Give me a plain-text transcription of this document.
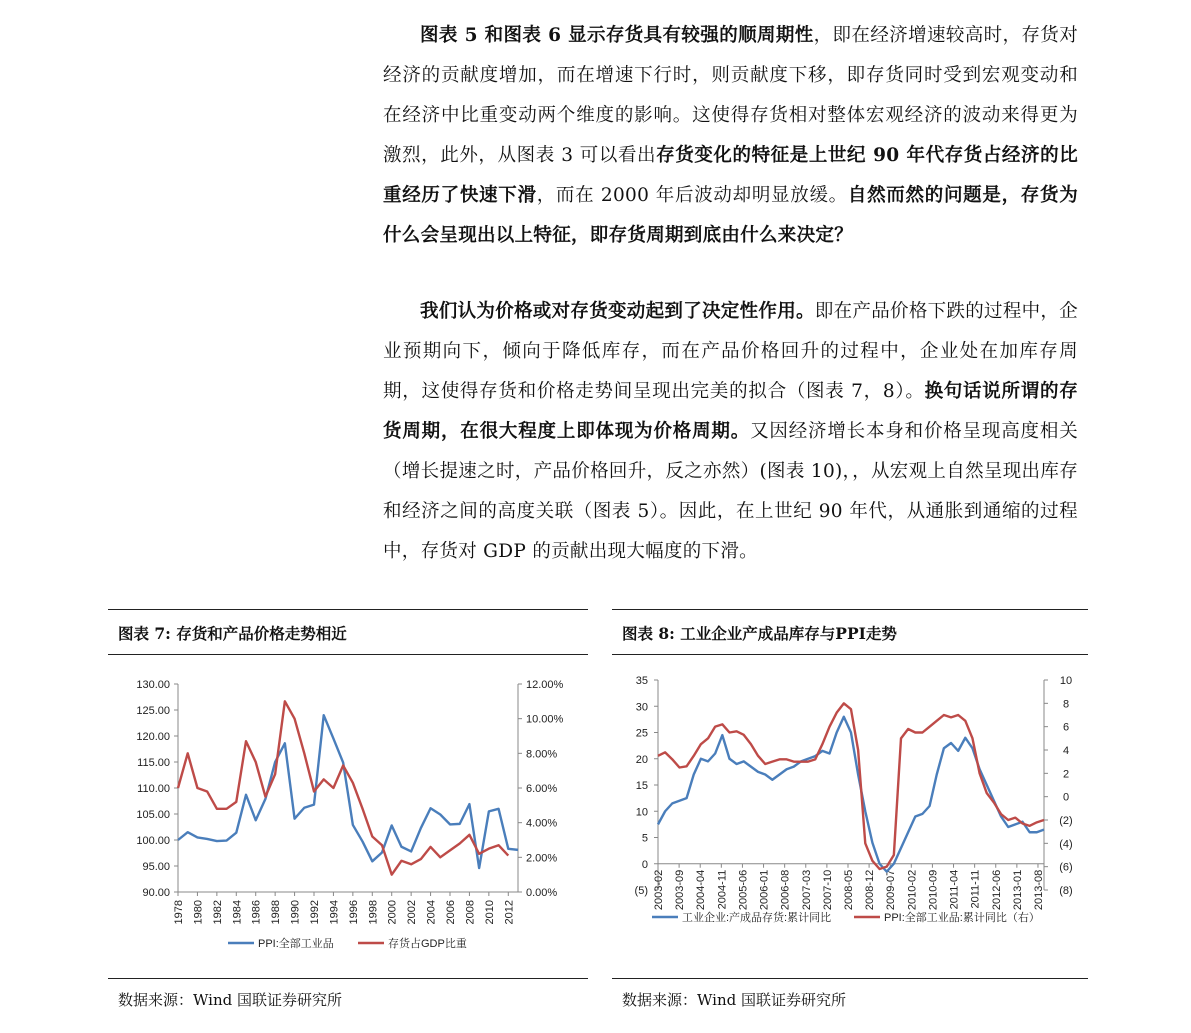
图表 5 和图表 6 显示存货具有较强的顺周期性，即在经济增速较高时，存货对经济的贡献度增加，而在增速下行时，则贡献度下移，即存货同时受到宏观变动和在经济中比重变动两个维度的影响。这使得存货相对整体宏观经济的波动来得更为激烈，此外，从图表 3 可以看出存货变化的特征是上世纪 90 年代存货占经济的比重经历了快速下滑，而在 2000 年后波动却明显放缓。自然而然的问题是，存货为什么会呈现出以上特征，即存货周期到底由什么来决定？

我们认为价格或对存货变动起到了决定性作用。即在产品价格下跌的过程中，企业预期向下，倾向于降低库存，而在产品价格回升的过程中，企业处在加库存周期，这使得存货和价格走势间呈现出完美的拟合（图表 7，8）。换句话说所谓的存货周期，在很大程度上即体现为价格周期。又因经济增长本身和价格呈现高度相关（增长提速之时，产品价格回升，反之亦然）(图表 10)，，从宏观上自然呈现出库存和经济之间的高度关联（图表 5）。因此，在上世纪 90 年代，从通胀到通缩的过程中，存货对 GDP 的贡献出现大幅度的下滑。

图表 7: 存货和产品价格走势相近	图表 8: 工业企业产成品库存与PPI走势
130.00
125.00
120.00
115.00
110.00
105.00
100.00
95.00
90.00
12.00%
10.00%
8.00%
6.00%
4.00%
2.00%
0.00%
1978 1980 1982 1984 1986 1988 1990 1992 1994 1996 1998 2000 2002 2004 2006 2008 2010 2012
PPI:全部工业品	存货占GDP比重
35
30
25
20
15
10
5
0
(5)
10
8
6
4
2
0
(2)
(4)
(6)
(8)
2003-02 2003-09 2004-04 2004-11 2005-06 2006-01 2006-08 2007-03 2007-10 2008-05 2008-12 2009-07 2010-02 2010-09 2011-04 2011-11 2012-06 2013-01 2013-08
工业企业:产成品存货:累计同比	PPI:全部工业品:累计同比（右）
数据来源：Wind 国联证券研究所	数据来源：Wind 国联证券研究所
